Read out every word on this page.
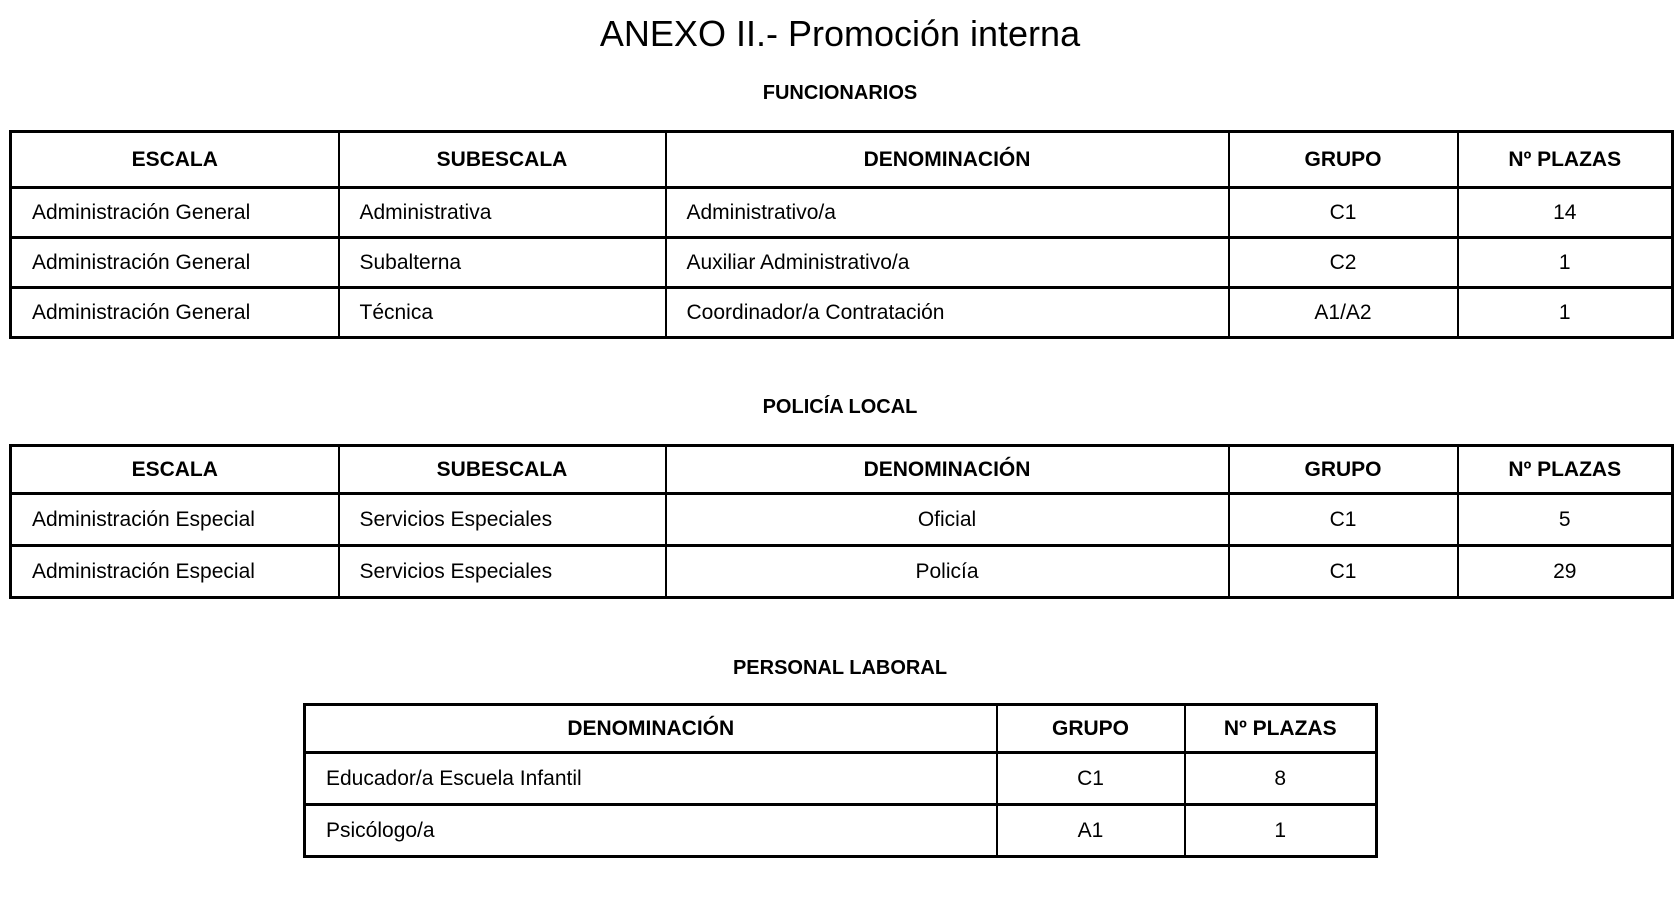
ANEXO II.- Promoción interna
FUNCIONARIOS
ESCALA	SUBESCALA	DENOMINACIÓN	GRUPO	Nº PLAZAS
Administración General	Administrativa	Administrativo/a	C1	14
Administración General	Subalterna	Auxiliar Administrativo/a	C2	1
Administración General	Técnica	Coordinador/a Contratación	A1/A2	1
POLICÍA LOCAL
ESCALA	SUBESCALA	DENOMINACIÓN	GRUPO	Nº PLAZAS
Administración Especial	Servicios Especiales	Oficial	C1	5
Administración Especial	Servicios Especiales	Policía	C1	29
PERSONAL LABORAL
DENOMINACIÓN	GRUPO	Nº PLAZAS
Educador/a Escuela Infantil	C1	8
Psicólogo/a	A1	1
